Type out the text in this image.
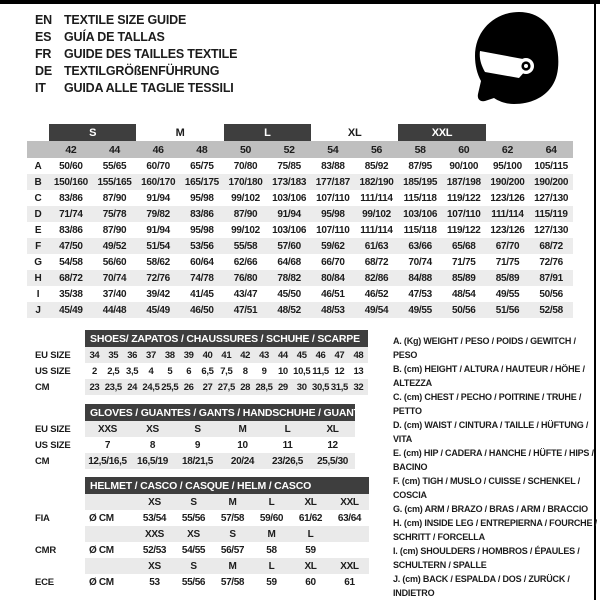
EN TEXTILE SIZE GUIDE
ES	GUÍA DE TALLAS
FR	GUIDE DES TAILLES TEXTILE
DE TEXTILGRÖßENFÜHRUNG
IT	GUIDA ALLE TAGLIE TESSILI
	S		M		L		XL		XXL			
	42	44	46	48	50	52	54	56	58	60	62	64
A	50/60	55/65	60/70	65/75	70/80	75/85	83/88	85/92	87/95	90/100	95/100	105/115
B	150/160	155/165	160/170	165/175	170/180	173/183	177/187	182/190	185/195	187/198	190/200	190/200
C	83/86	87/90	91/94	95/98	99/102	103/106	107/110	111/114	115/118	119/122	123/126	127/130
D	71/74	75/78	79/82	83/86	87/90	91/94	95/98	99/102	103/106	107/110	111/114	115/119
E	83/86	87/90	91/94	95/98	99/102	103/106	107/110	111/114	115/118	119/122	123/126	127/130
F	47/50	49/52	51/54	53/56	55/58	57/60	59/62	61/63	63/66	65/68	67/70	68/72
G	54/58	56/60	58/62	60/64	62/66	64/68	66/70	68/72	70/74	71/75	71/75	72/76
H	68/72	70/74	72/76	74/78	76/80	78/82	80/84	82/86	84/88	85/89	85/89	87/91
I	35/38	37/40	39/42	41/45	43/47	45/50	46/51	46/52	47/53	48/54	49/55	50/56
J	45/49	44/48	45/49	46/50	47/51	48/52	48/53	49/54	49/55	50/56	51/56	52/58
	SHOES/ ZAPATOS / CHAUSSURES / SCHUHE / SCARPE														
EU SIZE	34	35	36	37	38	39	40	41	42	43	44	45	46	47	48
US SIZE	2	2,5	3,5	4	5	6	6,5	7,5	8	9	10	10,5	11,5	12	13
CM	23	23,5	24	24,5	25,5	26	27	27,5	28	28,5	29	30	30,5	31,5	32
	GLOVES / GUANTES / GANTS / HANDSCHUHE / GUANTI					
EU SIZE	XXS	XS	S	M	L	XL
US SIZE	7	8	9	10	11	12
CM	12,5/16,5	16,5/19	18/21,5	20/24	23/26,5	25,5/30
	HELMET / CASCO / CASQUE / HELM / CASCO						
		XS	S	M	L	XL	XXL
FIA	Ø CM	53/54	55/56	57/58	59/60	61/62	63/64
		XXS	XS	S	M	L	
CMR	Ø CM	52/53	54/55	56/57	58	59	
		XS	S	M	L	XL	XXL
ECE	Ø CM	53	55/56	57/58	59	60	61
A. (Kg) WEIGHT / PESO / POIDS / GEWITCH / PESO
B. (cm) HEIGHT / ALTURA / HAUTEUR / HÖHE / ALTEZZA
C. (cm) CHEST / PECHO / POITRINE / TRUHE / PETTO
D. (cm) WAIST / CINTURA / TAILLE / HÜFTUNG / VITA
E. (cm) HIP / CADERA / HANCHE / HÜFTE / HIPS / BACINO
F. (cm) TIGH / MUSLO / CUISSE / SCHENKEL / COSCIA
G. (cm) ARM / BRAZO / BRAS / ARM / BRACCIO
H. (cm) INSIDE LEG / ENTREPIERNA / FOURCHE / SCHRITT / FORCELLA
I. (cm) SHOULDERS / HOMBROS / ÉPAULES / SCHULTERN / SPALLE
J. (cm) BACK / ESPALDA / DOS / ZURÜCK / INDIETRO
